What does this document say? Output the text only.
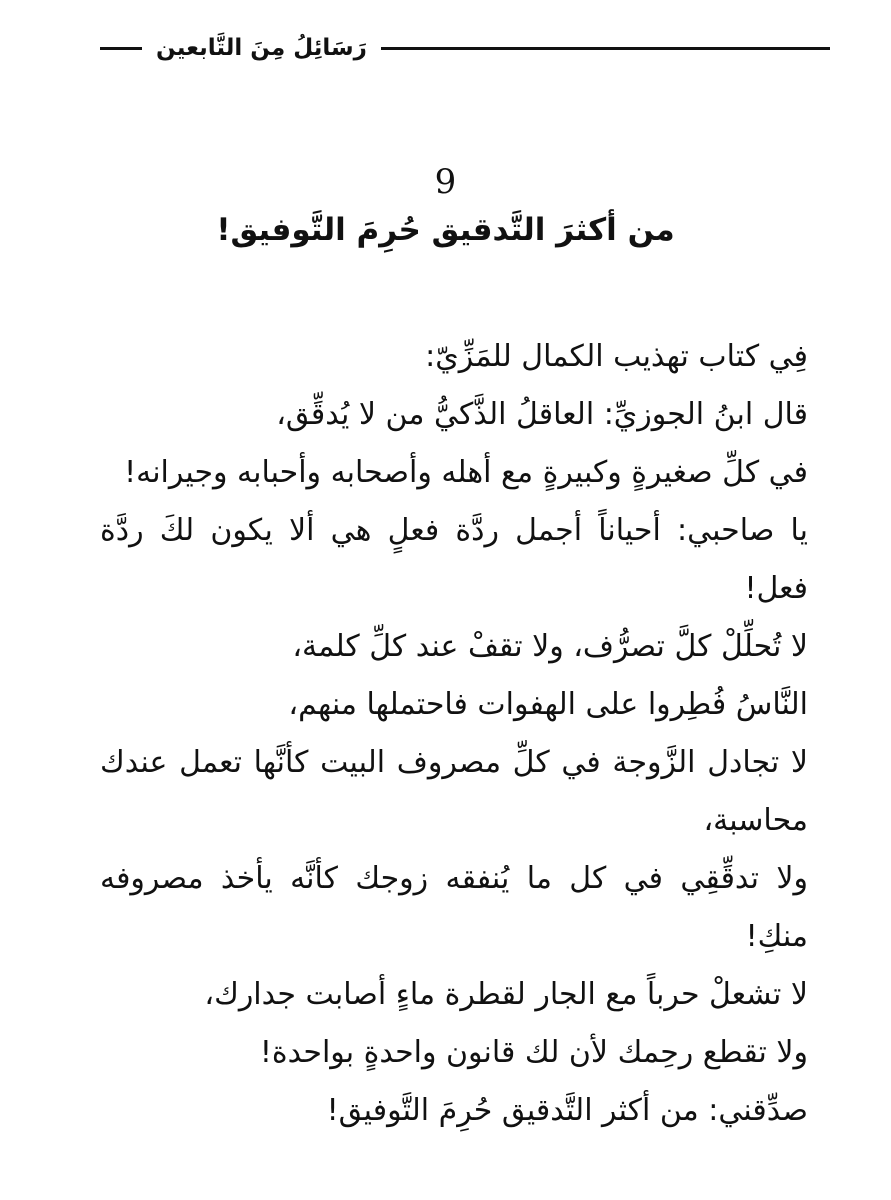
رَسَائِلُ مِنَ التَّابعين
9
من أكثرَ التَّدقيق حُرِمَ التَّوفيق!
فِي كتاب تهذيب الكمال للمَزِّيّ:
قال ابنُ الجوزيِّ: العاقلُ الذَّكيُّ من لا يُدقِّق،
في كلِّ صغيرةٍ وكبيرةٍ مع أهله وأصحابه وأحبابه وجيرانه!
يا صاحبي: أحياناً أجمل ردَّة فعلٍ هي ألا يكون لكَ ردَّة
فعل!
لا تُحلِّلْ كلَّ تصرُّف، ولا تقفْ عند كلِّ كلمة،
النَّاسُ فُطِروا على الهفوات فاحتملها منهم،
لا تجادل الزَّوجة في كلِّ مصروف البيت كأنَّها تعمل عندك
محاسبة،
ولا تدقِّقِي في كل ما يُنفقه زوجك كأنَّه يأخذ مصروفه
منكِ!
لا تشعلْ حرباً مع الجار لقطرة ماءٍ أصابت جدارك،
ولا تقطع رحِمك لأن لك قانون واحدةٍ بواحدة!
صدِّقني: من أكثر التَّدقيق حُرِمَ التَّوفيق!
